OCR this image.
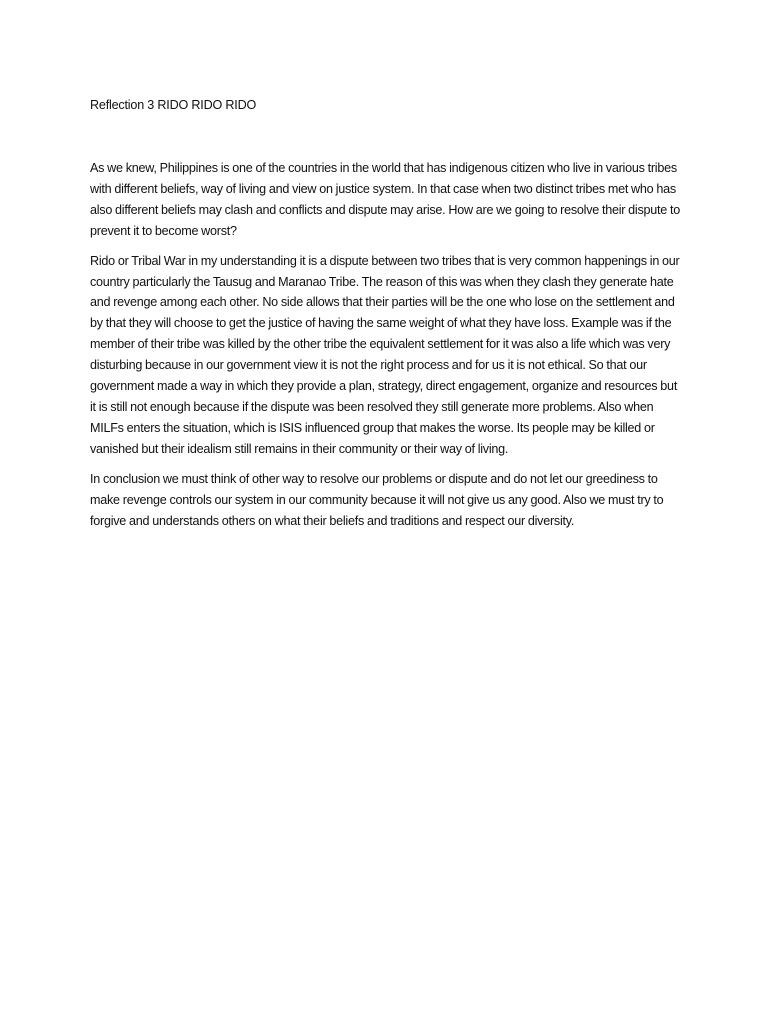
Reflection 3 RIDO RIDO RIDO

As we knew, Philippines is one of the countries in the world that has indigenous citizen who live in various tribes with different beliefs, way of living and view on justice system. In that case when two distinct tribes met who has also different beliefs may clash and conflicts and dispute may arise. How are we going to resolve their dispute to prevent it to become worst?

Rido or Tribal War in my understanding it is a dispute between two tribes that is very common happenings in our country particularly the Tausug and Maranao Tribe. The reason of this was when they clash they generate hate and revenge among each other. No side allows that their parties will be the one who lose on the settlement and by that they will choose to get the justice of having the same weight of what they have loss. Example was if the member of their tribe was killed by the other tribe the equivalent settlement for it was also a life which was very disturbing because in our government view it is not the right process and for us it is not ethical. So that our government made a way in which they provide a plan, strategy, direct engagement, organize and resources but it is still not enough because if the dispute was been resolved they still generate more problems. Also when MILFs enters the situation, which is ISIS influenced group that makes the worse. Its people may be killed or vanished but their idealism still remains in their community or their way of living.

In conclusion we must think of other way to resolve our problems or dispute and do not let our greediness to make revenge controls our system in our community because it will not give us any good. Also we must try to forgive and understands others on what their beliefs and traditions and respect our diversity.
